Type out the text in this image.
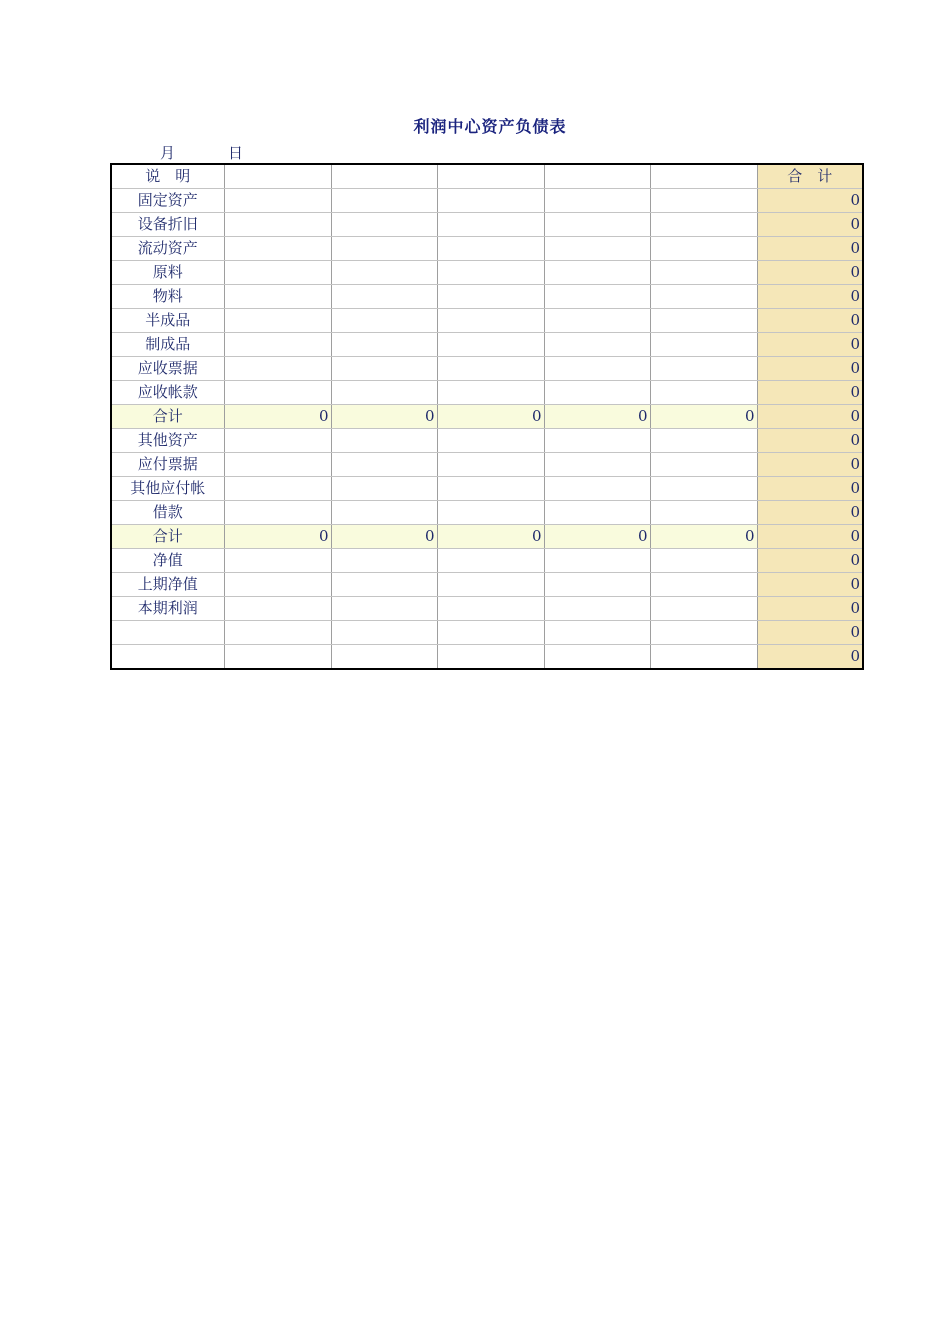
利润中心资产负债表
月	日
说　明						合　计
固定资产						0
设备折旧						0
流动资产						0
原料						0
物料						0
半成品						0
制成品						0
应收票据						0
应收帐款						0
合计	0	0	0	0	0	0
其他资产						0
应付票据						0
其他应付帐						0
借款						0
合计	0	0	0	0	0	0
净值						0
上期净值						0
本期利润						0
						0
						0
